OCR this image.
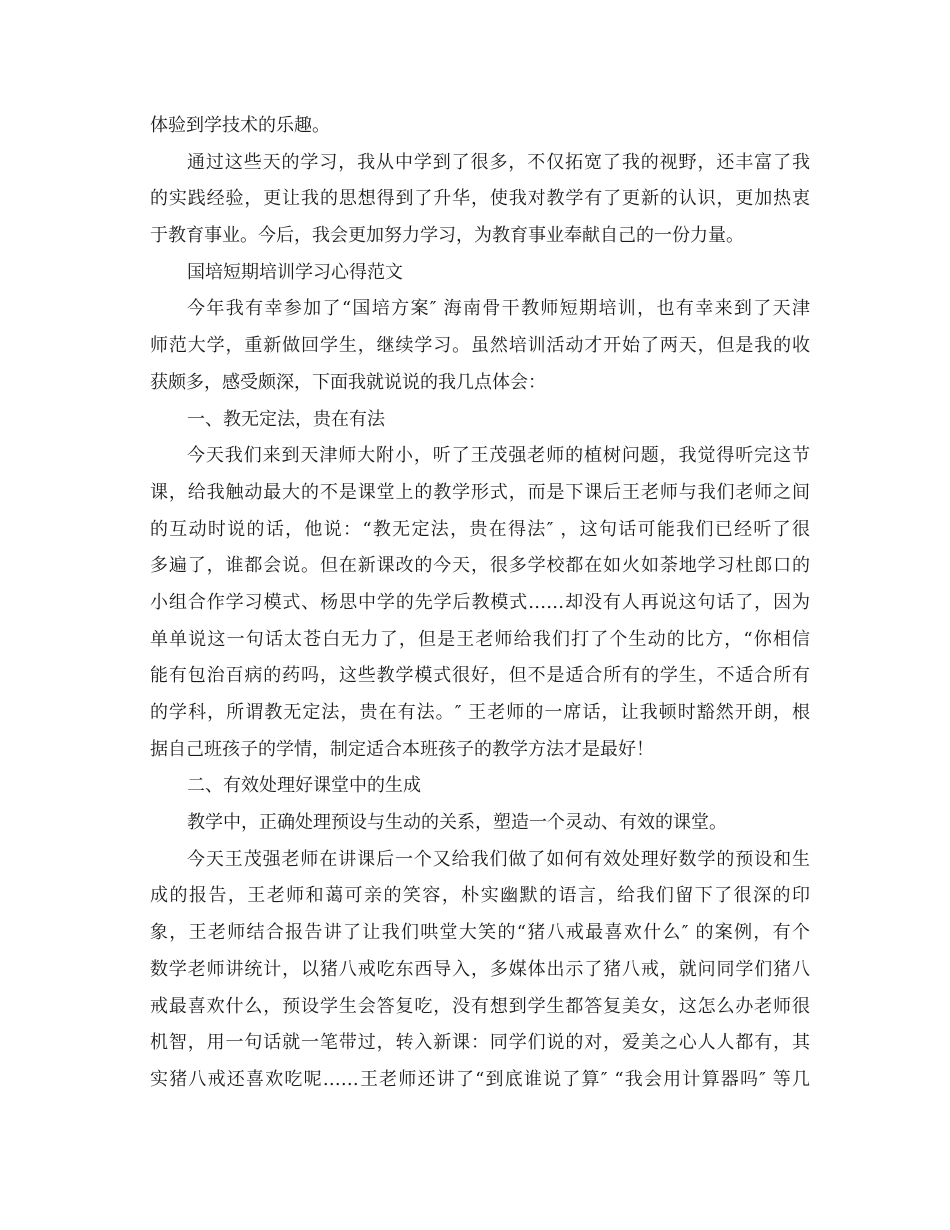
体验到学技术的乐趣。
通过这些天的学习，我从中学到了很多，不仅拓宽了我的视野，还丰富了我
的实践经验，更让我的思想得到了升华，使我对教学有了更新的认识，更加热衷
于教育事业。今后，我会更加努力学习，为教育事业奉献自己的一份力量。
国培短期培训学习心得范文
今年我有幸参加了“国培方案″ 海南骨干教师短期培训，也有幸来到了天津
师范大学，重新做回学生，继续学习。虽然培训活动才开始了两天，但是我的收
获颇多，感受颇深，下面我就说说的我几点体会：
一、教无定法，贵在有法
今天我们来到天津师大附小，听了王茂强老师的植树问题，我觉得听完这节
课，给我触动最大的不是课堂上的教学形式，而是下课后王老师与我们老师之间
的互动时说的话，他说：“教无定法，贵在得法″ ，这句话可能我们已经听了很
多遍了，谁都会说。但在新课改的今天，很多学校都在如火如荼地学习杜郎口的
小组合作学习模式、杨思中学的先学后教模式……却没有人再说这句话了，因为
单单说这一句话太苍白无力了，但是王老师给我们打了个生动的比方，“你相信
能有包治百病的药吗，这些教学模式很好，但不是适合所有的学生，不适合所有
的学科，所谓教无定法，贵在有法。″ 王老师的一席话，让我顿时豁然开朗，根
据自己班孩子的学情，制定适合本班孩子的教学方法才是最好！
二、有效处理好课堂中的生成
教学中，正确处理预设与生动的关系，塑造一个灵动、有效的课堂。
今天王茂强老师在讲课后一个又给我们做了如何有效处理好数学的预设和生
成的报告，王老师和蔼可亲的笑容，朴实幽默的语言，给我们留下了很深的印
象，王老师结合报告讲了让我们哄堂大笑的“猪八戒最喜欢什么″ 的案例，有个
数学老师讲统计，以猪八戒吃东西导入，多媒体出示了猪八戒，就问同学们猪八
戒最喜欢什么，预设学生会答复吃，没有想到学生都答复美女，这怎么办老师很
机智，用一句话就一笔带过，转入新课：同学们说的对，爱美之心人人都有，其
实猪八戒还喜欢吃呢……王老师还讲了“到底谁说了算″ “我会用计算器吗″ 等几
